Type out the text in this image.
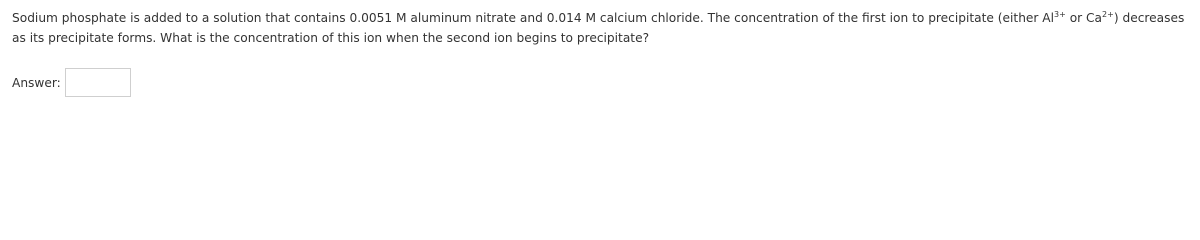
Sodium phosphate is added to a solution that contains 0.0051 M aluminum nitrate and 0.014 M calcium chloride. The concentration of the first ion to precipitate (either $Al^{3+}$ or $Ca^{2+}$) decreases as its precipitate forms. What is the concentration of this ion when the second ion begins to precipitate?

Answer:
